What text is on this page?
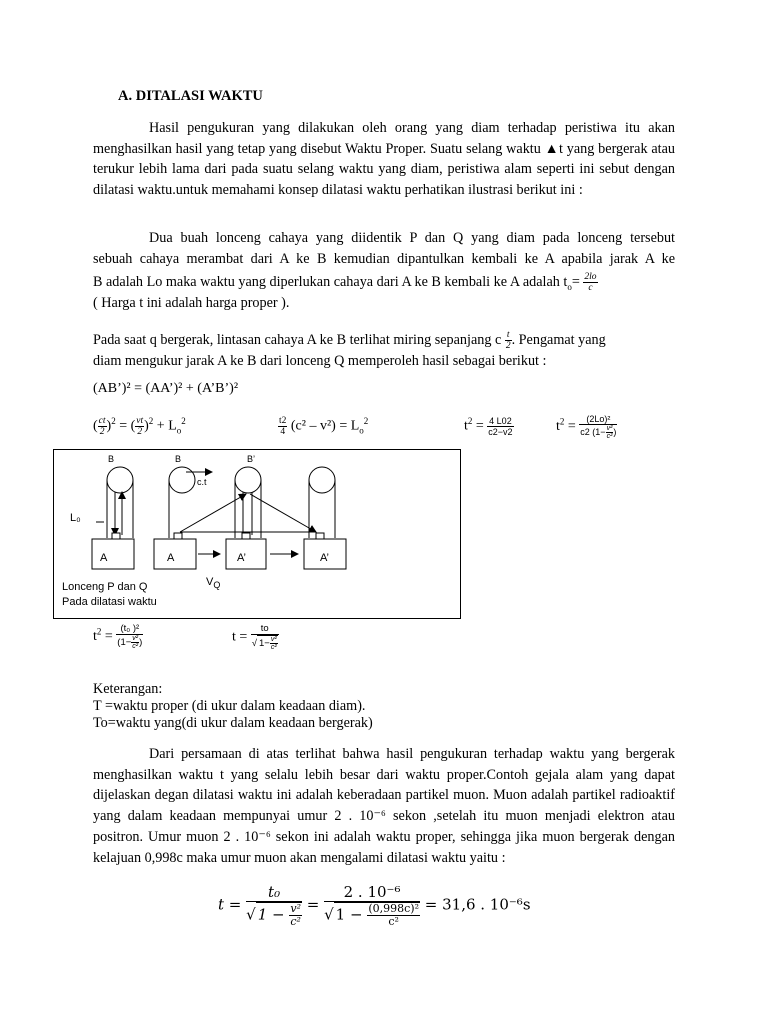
A. DITALASI WAKTU
Hasil pengukuran yang dilakukan oleh orang yang diam terhadap peristiwa itu akan menghasilkan hasil yang tetap yang disebut Waktu Proper. Suatu selang waktu ▲t yang bergerak atau terukur lebih lama dari pada suatu selang waktu yang diam, peristiwa alam seperti ini sebut dengan dilatasi waktu.untuk memahami konsep dilatasi waktu perhatikan ilustrasi berikut ini :
Dua buah lonceng cahaya yang diidentik P dan Q yang diam pada lonceng tersebut
sebuah cahaya merambat dari A ke B kemudian dipantulkan kembali ke A apabila jarak A ke
B adalah Lo maka waktu yang diperlukan cahaya dari A ke B kembali ke A adalah $t_o= \frac{2lo}{c}$
( Harga t ini adalah harga proper ).
Pada saat q bergerak, lintasan cahaya A ke B terlihat miring sepanjang c $\frac{t}{2}$ . Pengamat yang
diam mengukur jarak A ke B dari lonceng Q memperoleh hasil sebagai berikut :
(AB’)² = (AA’)² + (A’B’)²
( $\frac{ct}{2} )^2$ = ( $\frac{vt}{2} )^2 + L_o^2$	$\frac{t2}{4} (c^2 - v^2) = L_o^2$	$t^2 = \frac{4 L02}{c2-v2}$	$t^2 = \frac{\text{(2Lo)²}}{c2 (1- \frac{\text{v²}}{\text{c²}} )}$
B	B	B’
c.t
L₀
A	A	A’	A’
$V_Q$
Lonceng P dan Q
Pada dilatasi waktu
$t^2 = \frac{\text{(t₀ )²}}{(1- \frac{\text{v²}}{\text{c²}} )}$	$t = \frac{to}{√ 1- \frac{\text{v²}}{\text{c²}}}$
Keterangan:
T =waktu proper (di ukur dalam keadaan diam).
To=waktu yang(di ukur dalam keadaan bergerak)
Dari persamaan di atas terlihat bahwa hasil pengukuran terhadap waktu yang bergerak menghasilkan waktu t yang selalu lebih besar dari waktu proper.Contoh gejala alam yang dapat dijelaskan degan dilatasi waktu ini adalah keberadaan partikel muon. Muon adalah partikel radioaktif yang dalam keadaan mempunyai umur 2 . 10⁻⁶ sekon ,setelah itu muon menjadi elektron atau positron. Umur muon 2 . 10⁻⁶ sekon ini adalah waktu proper, sehingga jika muon bergerak dengan kelajuan 0,998c maka umur muon akan mengalami dilatasi waktu yaitu :
$t = \frac{\text{t₀}}{√ 1 - \frac{\text{v²}}{\text{c²}}} = \frac{\text{2 . 10⁻⁶}}{√ 1 - \frac{\text{(0,998c)²}}{\text{c²}}} = 31,6$ . 10⁻⁶s
